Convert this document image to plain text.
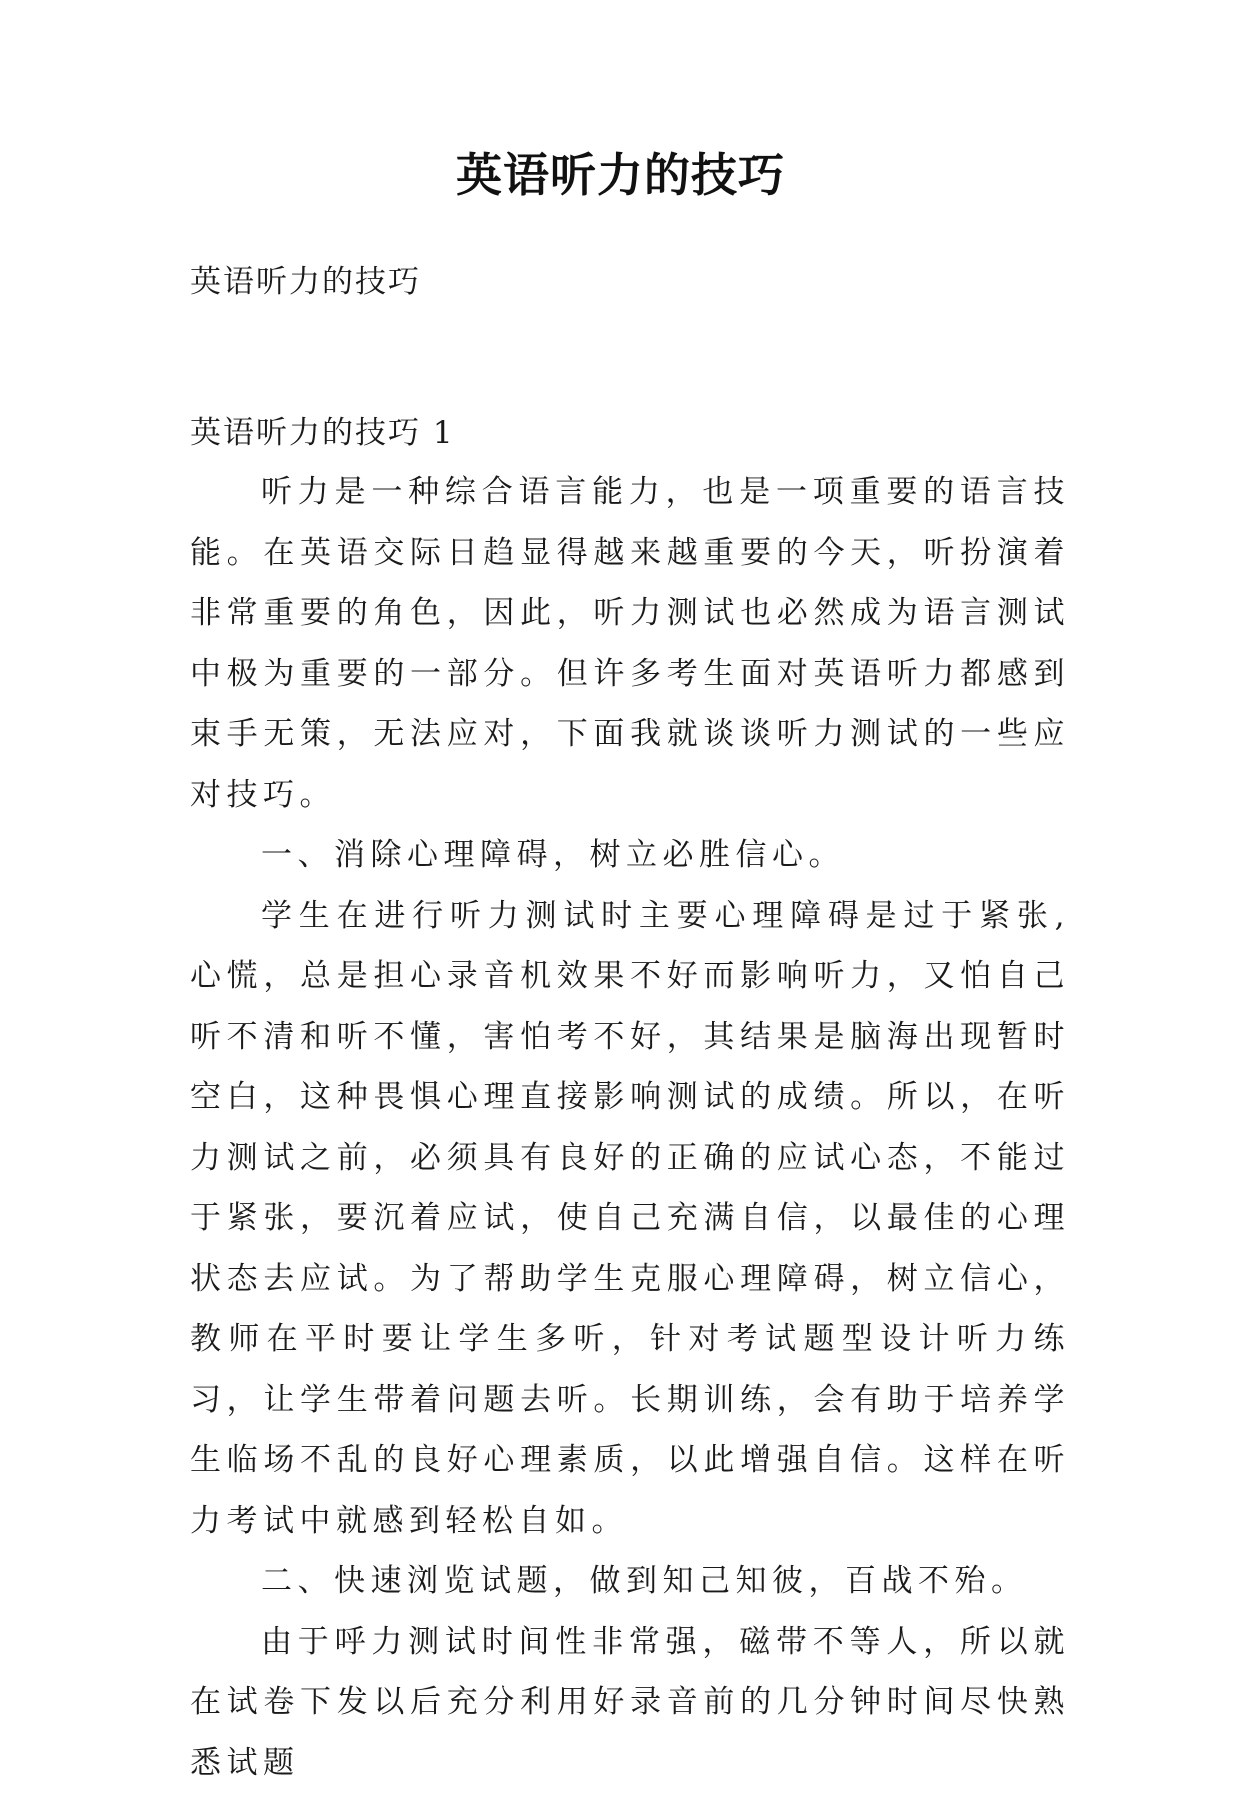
英语听力的技巧
英语听力的技巧
英语听力的技巧 1

听力是一种综合语言能力，也是一项重要的语言技能。在英语交际日趋显得越来越重要的今天，听扮演着非常重要的角色，因此，听力测试也必然成为语言测试中极为重要的一部分。但许多考生面对英语听力都感到束手无策，无法应对，下面我就谈谈听力测试的一些应对技巧。

一、消除心理障碍，树立必胜信心。

学生在进行听力测试时主要心理障碍是过于紧张,心慌，总是担心录音机效果不好而影响听力，又怕自己听不清和听不懂，害怕考不好，其结果是脑海出现暂时空白，这种畏惧心理直接影响测试的成绩。所以，在听力测试之前，必须具有良好的正确的应试心态，不能过于紧张，要沉着应试，使自己充满自信，以最佳的心理状态去应试。为了帮助学生克服心理障碍，树立信心，教师在平时要让学生多听，针对考试题型设计听力练习，让学生带着问题去听。长期训练，会有助于培养学生临场不乱的良好心理素质，以此增强自信。这样在听力考试中就感到轻松自如。

二、快速浏览试题，做到知己知彼，百战不殆。

由于呼力测试时间性非常强，磁带不等人，所以就在试卷下发以后充分利用好录音前的几分钟时间尽快熟悉试题
